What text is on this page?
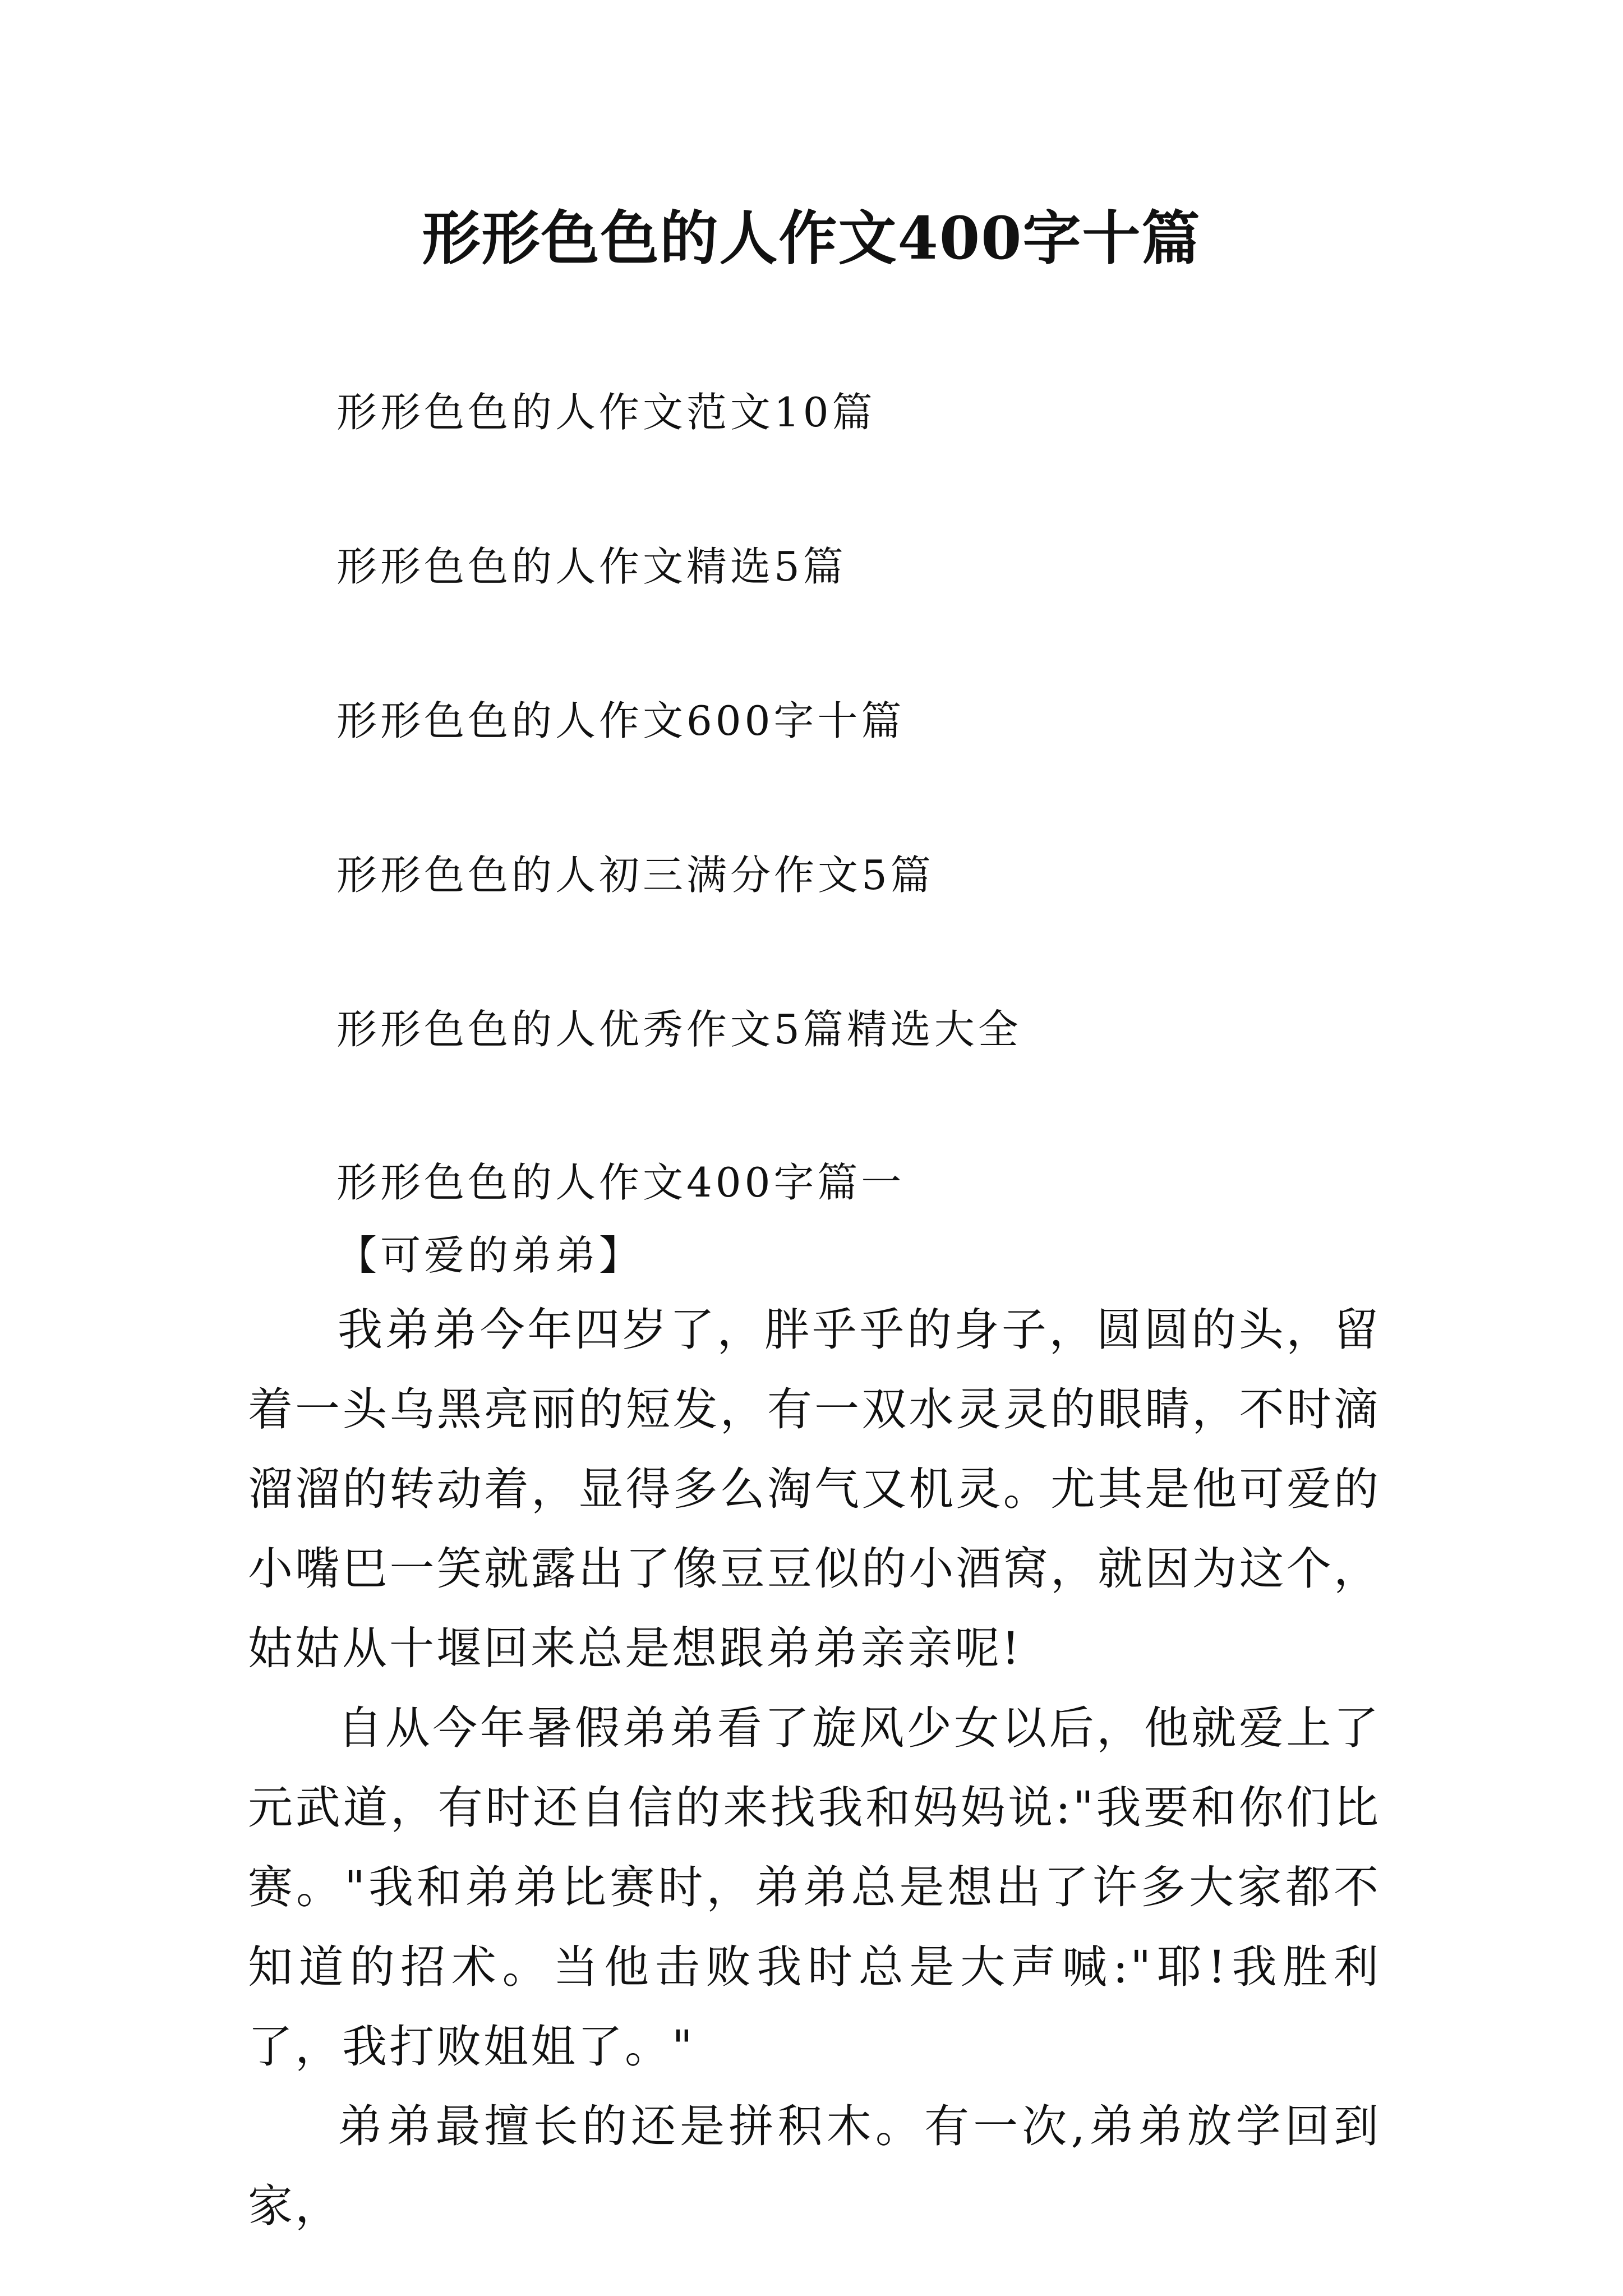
形形色色的人作文400字十篇
形形色色的人作文范文10篇
形形色色的人作文精选5篇
形形色色的人作文600字十篇
形形色色的人初三满分作文5篇
形形色色的人优秀作文5篇精选大全
形形色色的人作文400字篇一
【可爱的弟弟】

我弟弟今年四岁了，胖乎乎的身子，圆圆的头，留着一头乌黑亮丽的短发，有一双水灵灵的眼睛，不时滴溜溜的转动着，显得多么淘气又机灵。尤其是他可爱的小嘴巴一笑就露出了像豆豆似的小酒窝，就因为这个，姑姑从十堰回来总是想跟弟弟亲亲呢!

自从今年暑假弟弟看了旋风少女以后，他就爱上了元武道，有时还自信的来找我和妈妈说:"我要和你们比赛。"我和弟弟比赛时，弟弟总是想出了许多大家都不知道的招术。当他击败我时总是大声喊:"耶!我胜利了，我打败姐姐了。"

弟弟最擅长的还是拼积木。有一次,弟弟放学回到家，
